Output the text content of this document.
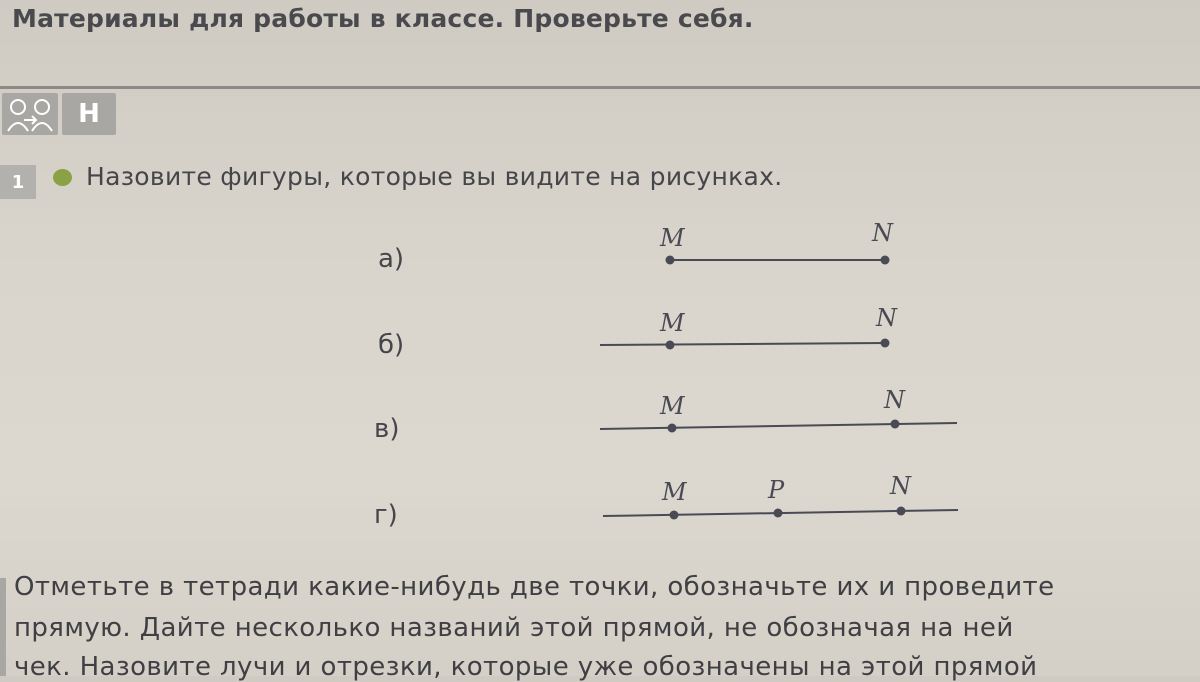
Материалы для работы в классе. Проверьте себя.
Н
1	Назовите фигуры, которые вы видите на рисунках.
а)
б)
в)
г)
M	N
M	N
M	N
M	P	N
Отметьте в тетради какие-нибудь две точки, обозначьте их и проведите
прямую. Дайте несколько названий этой прямой, не обозначая на ней
чек. Назовите лучи и отрезки, которые уже обозначены на этой прямой
